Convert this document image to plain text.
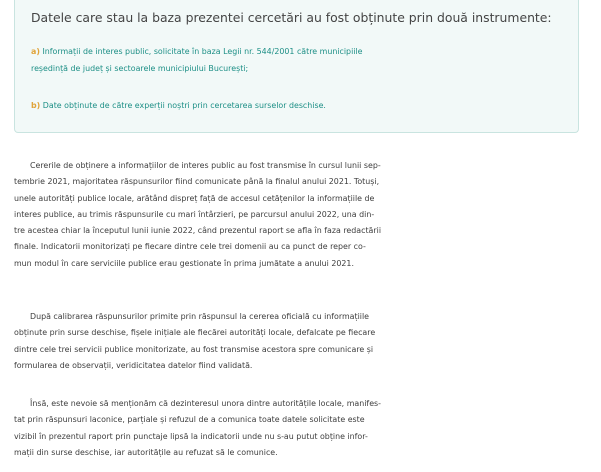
Datele care stau la baza prezentei cercetări au fost obținute prin două instrumente:
a) Informații de interes public, solicitate în baza Legii nr. 544/2001 către municipiile
reședință de județ și sectoarele municipiului București;
b) Date obținute de către experții noștri prin cercetarea surselor deschise.
Cererile de obținere a informațiilor de interes public au fost transmise în cursul lunii sep-
tembrie 2021, majoritatea răspunsurilor fiind comunicate până la finalul anului 2021. Totuși,
unele autorități publice locale, arătând dispreț față de accesul cetățenilor la informațiile de
interes publice, au trimis răspunsurile cu mari întârzieri, pe parcursul anului 2022, una din-
tre acestea chiar la începutul lunii iunie 2022, când prezentul raport se afla în faza redactării
finale. Indicatorii monitorizați pe fiecare dintre cele trei domenii au ca punct de reper co-
mun modul în care serviciile publice erau gestionate în prima jumătate a anului 2021.
După calibrarea răspunsurilor primite prin răspunsul la cererea oficială cu informațiile
obținute prin surse deschise, fișele inițiale ale fiecărei autorități locale, defalcate pe fiecare
dintre cele trei servicii publice monitorizate, au fost transmise acestora spre comunicare și
formularea de observații, veridicitatea datelor fiind validată.
Însă, este nevoie să menționăm că dezinteresul unora dintre autoritățile locale, manifes-
tat prin răspunsuri laconice, parțiale și refuzul de a comunica toate datele solicitate este
vizibil în prezentul raport prin punctaje lipsă la indicatorii unde nu s-au putut obține infor-
mații din surse deschise, iar autoritățile au refuzat să le comunice.
